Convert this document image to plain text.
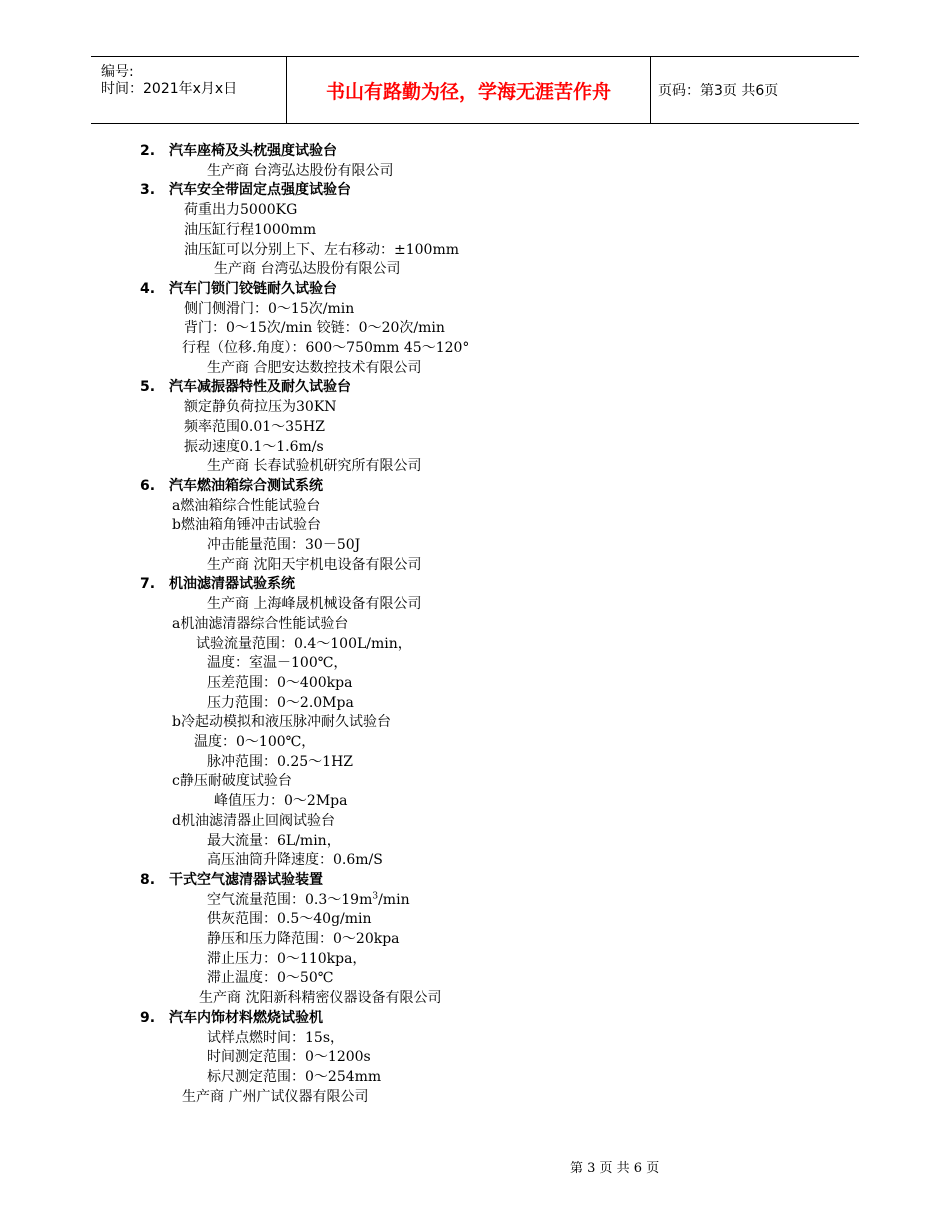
编号:
时间：2021年x月x日	书山有路勤为径，学海无涯苦作舟	页码：第3页 共6页
2. 汽车座椅及头枕强度试验台
生产商 台湾弘达股份有限公司
3. 汽车安全带固定点强度试验台
荷重出力5000KG
油压缸行程1000mm
油压缸可以分别上下、左右移动：±100mm
生产商 台湾弘达股份有限公司
4. 汽车门锁门铰链耐久试验台
侧门侧滑门：0～15次/min
背门：0～15次/min 铰链：0～20次/min
行程（位移.角度）：600～750mm 45～120°
生产商 合肥安达数控技术有限公司
5. 汽车减振器特性及耐久试验台
额定静负荷拉压为30KN
频率范围0.01～35HZ
振动速度0.1～1.6m/s
生产商 长春试验机研究所有限公司
6. 汽车燃油箱综合测试系统
a燃油箱综合性能试验台
b燃油箱角锤冲击试验台
冲击能量范围：30－50J
生产商 沈阳天宇机电设备有限公司
7. 机油滤清器试验系统
生产商 上海峰晟机械设备有限公司
a机油滤清器综合性能试验台
试验流量范围：0.4～100L/min，
温度：室温－100℃，
压差范围：0～400kpa
压力范围：0～2.0Mpa
b冷起动模拟和液压脉冲耐久试验台
温度：0～100℃，
脉冲范围：0.25～1HZ
c静压耐破度试验台
峰值压力：0～2Mpa
d机油滤清器止回阀试验台
最大流量：6L/min，
高压油筒升降速度：0.6m/S
8. 干式空气滤清器试验装置
空气流量范围：$0.3\sim 19m^3/\min$
供灰范围：0.5～40g/min
静压和压力降范围：0～20kpa
滞止压力：0～110kpa，
滞止温度：0～50℃
生产商 沈阳新科精密仪器设备有限公司
9. 汽车内饰材料燃烧试验机
试样点燃时间：15s，
时间测定范围：0～1200s
标尺测定范围：0～254mm
生产商 广州广试仪器有限公司
第 3 页 共 6 页
